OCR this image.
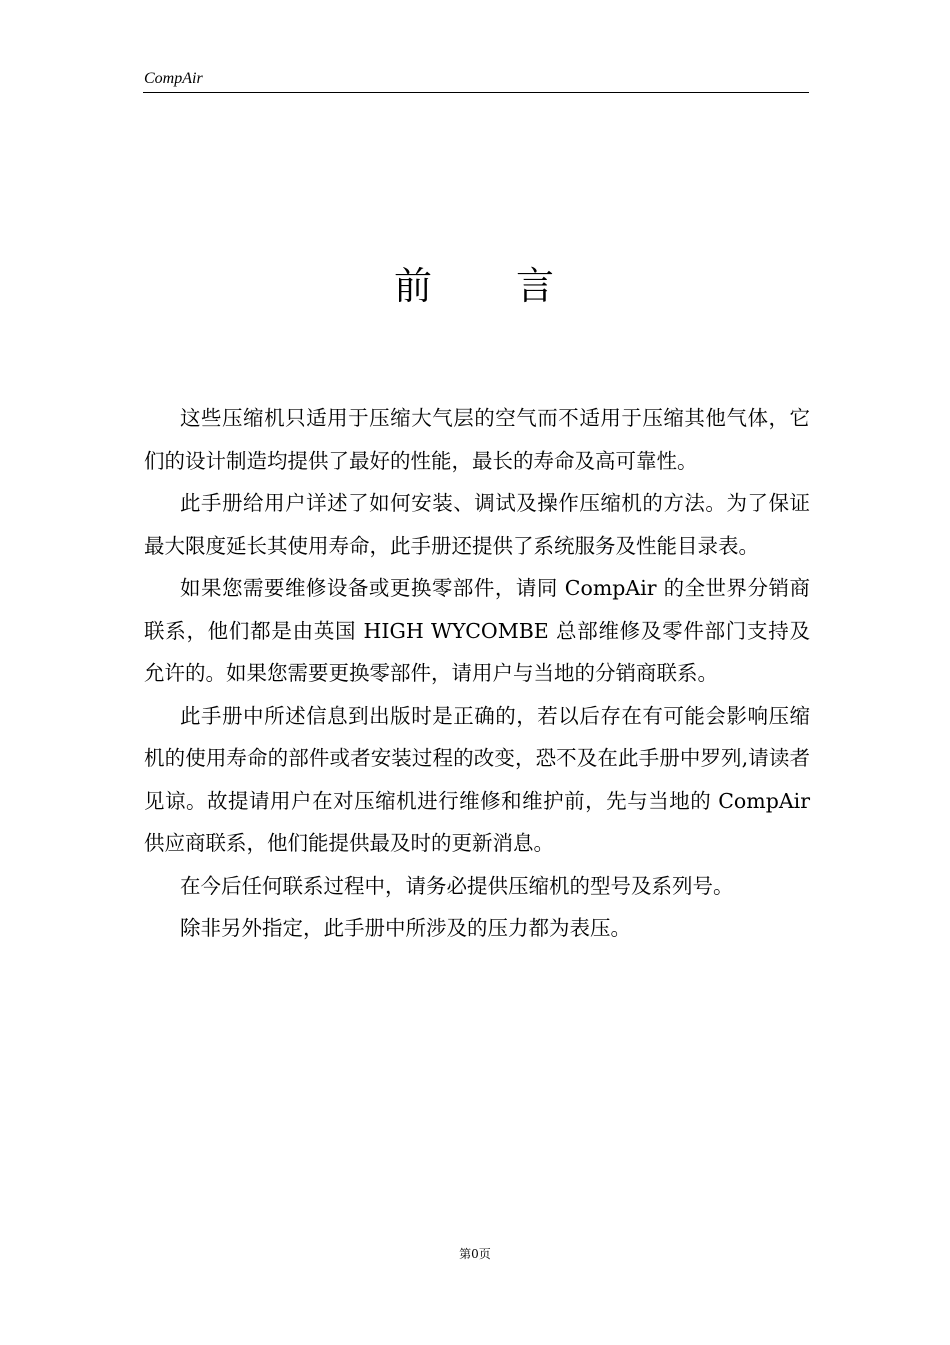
CompAir
前 言

这些压缩机只适用于压缩大气层的空气而不适用于压缩其他气体，它们的设计制造均提供了最好的性能，最长的寿命及高可靠性。

此手册给用户详述了如何安装、调试及操作压缩机的方法。为了保证最大限度延长其使用寿命，此手册还提供了系统服务及性能目录表。

如果您需要维修设备或更换零部件，请同 CompAir 的全世界分销商联系，他们都是由英国 HIGH WYCOMBE 总部维修及零件部门支持及允许的。如果您需要更换零部件，请用户与当地的分销商联系。

此手册中所述信息到出版时是正确的，若以后存在有可能会影响压缩机的使用寿命的部件或者安装过程的改变，恐不及在此手册中罗列,请读者见谅。故提请用户在对压缩机进行维修和维护前，先与当地的 CompAir 供应商联系，他们能提供最及时的更新消息。

在今后任何联系过程中，请务必提供压缩机的型号及系列号。

除非另外指定，此手册中所涉及的压力都为表压。

第0页
